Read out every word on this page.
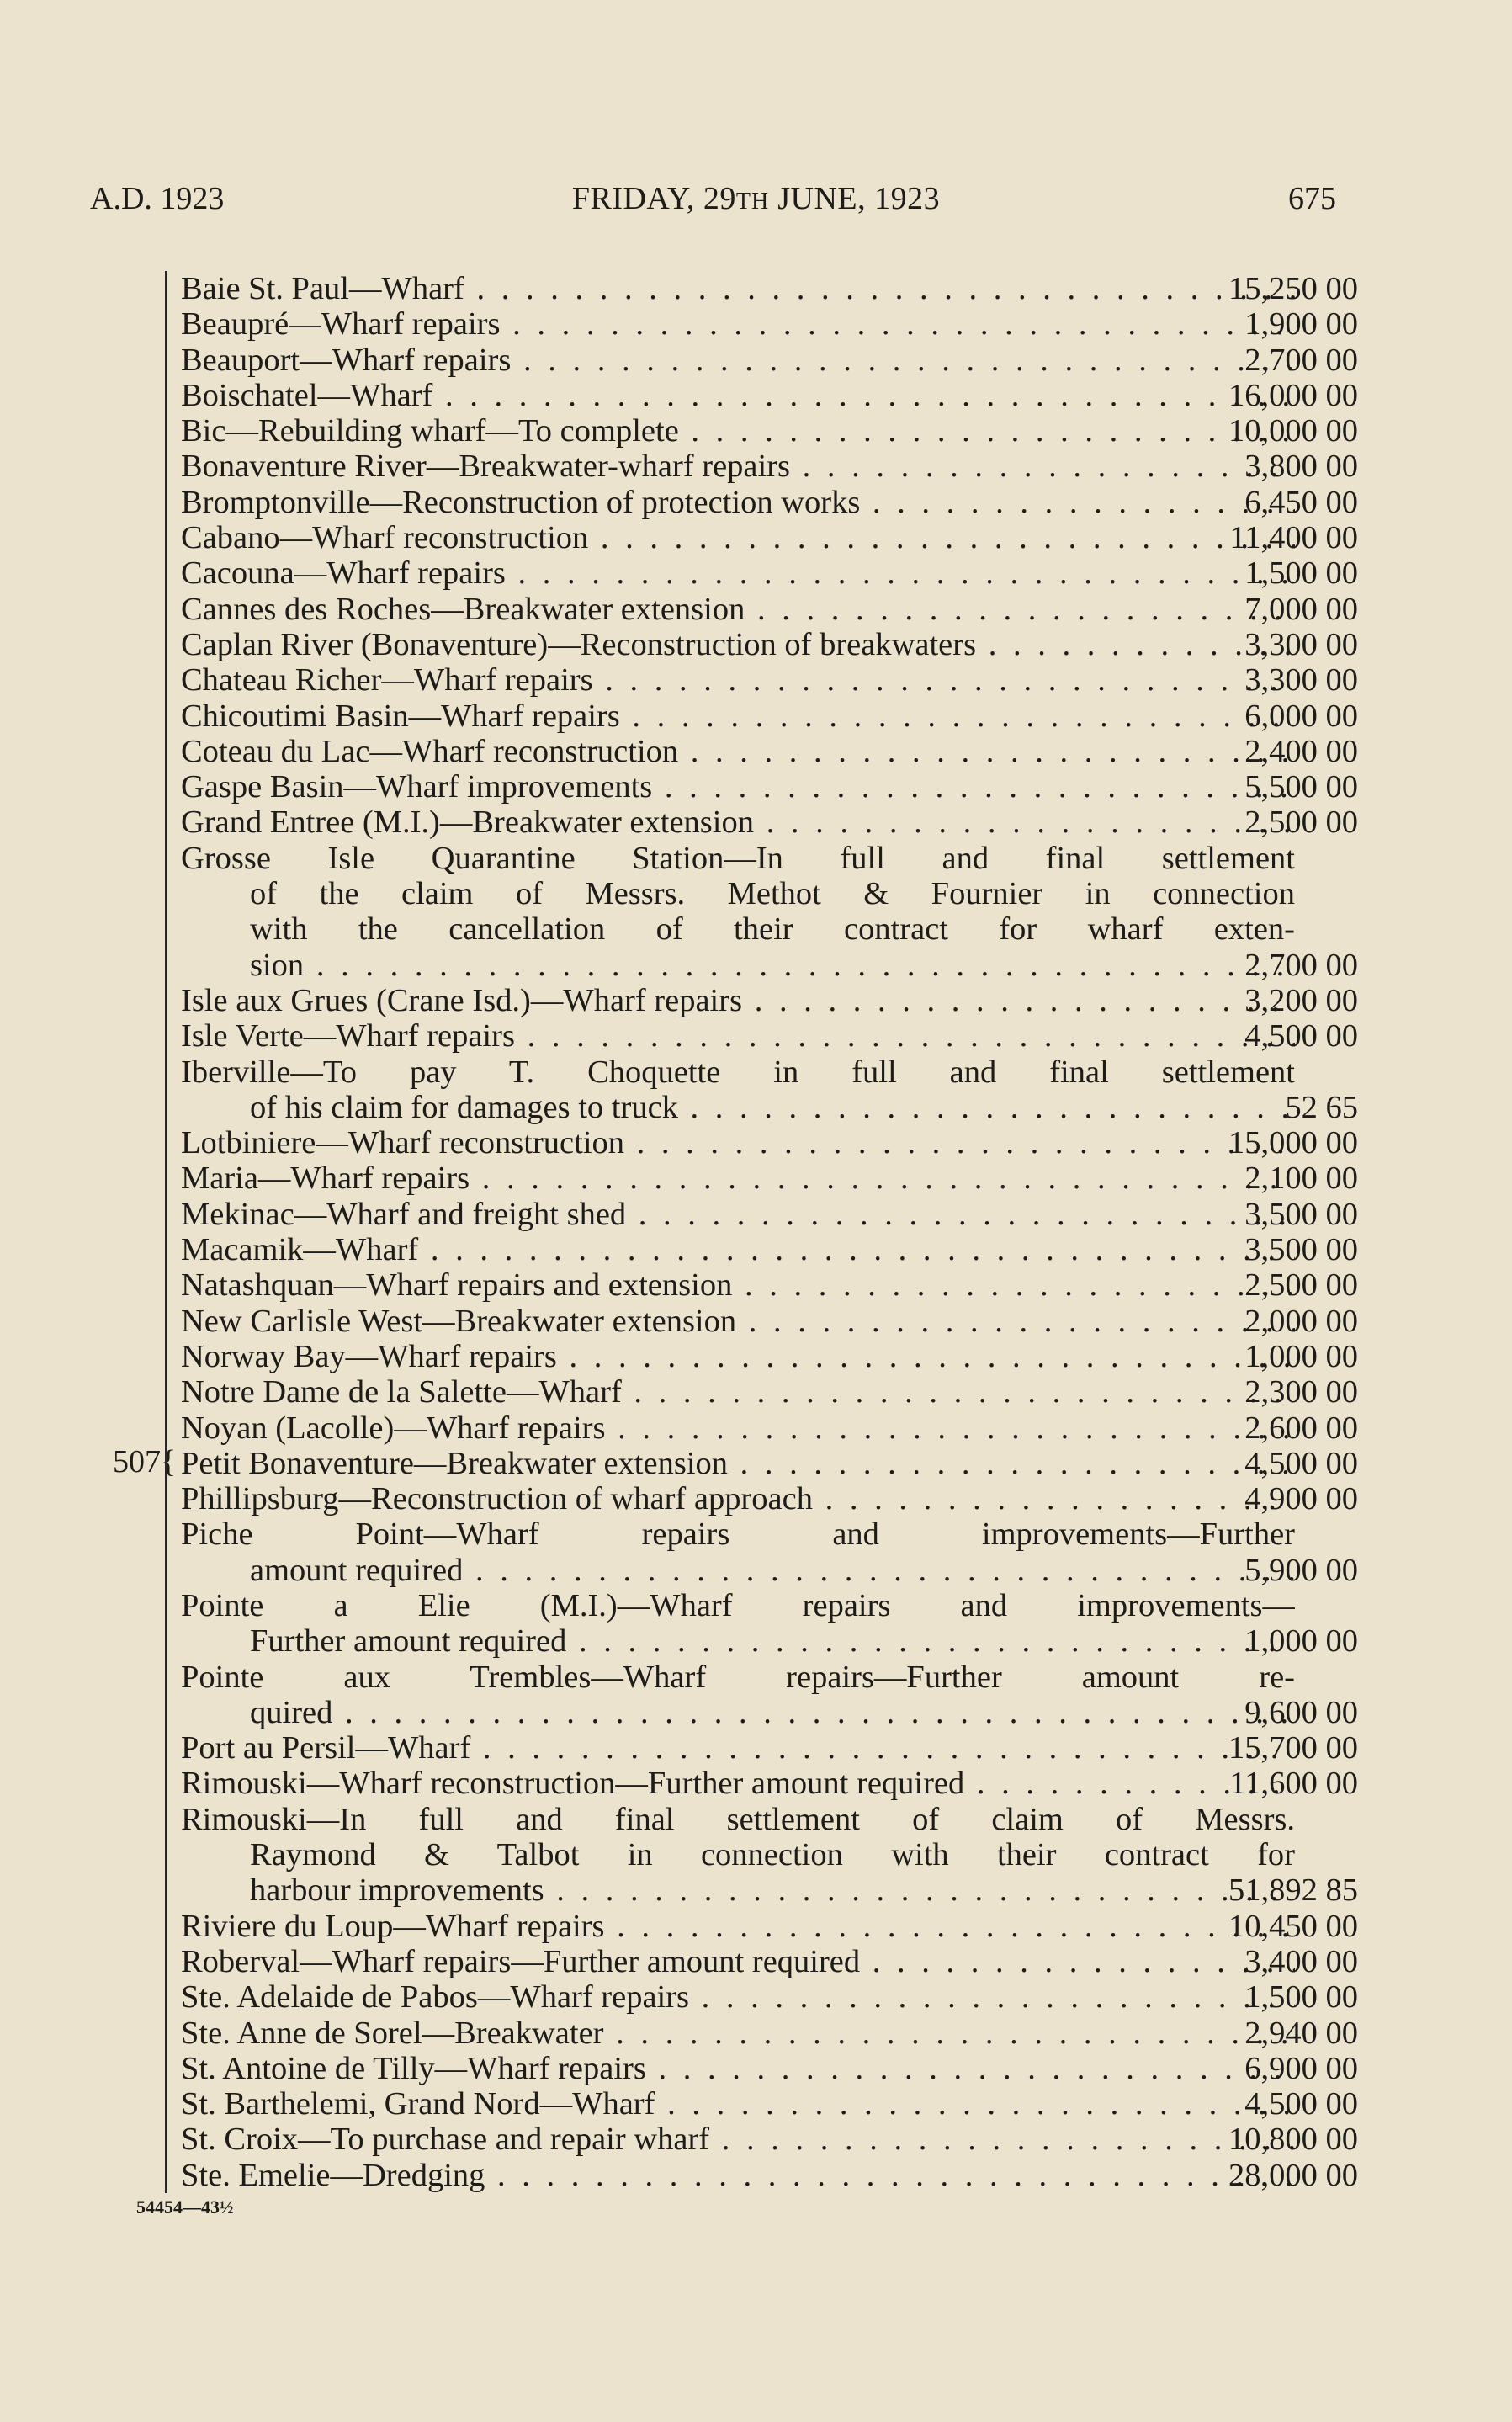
A.D. 1923	FRIDAY, 29TH JUNE, 1923	675
507{
Baie St. Paul—Wharf . . .	15,250 00
Beaupré—Wharf repairs . . .	1,900 00
Beauport—Wharf repairs . . .	2,700 00
Boischatel—Wharf . . .	16,000 00
Bic—Rebuilding wharf—To complete . . .	10,000 00
Bonaventure River—Breakwater-wharf repairs . . .	3,800 00
Bromptonville—Reconstruction of protection works . . .	6,450 00
Cabano—Wharf reconstruction . . .	11,400 00
Cacouna—Wharf repairs . . .	1,500 00
Cannes des Roches—Breakwater extension . . .	7,000 00
Caplan River (Bonaventure)—Reconstruction of breakwaters . . .	3,300 00
Chateau Richer—Wharf repairs . . .	3,300 00
Chicoutimi Basin—Wharf repairs . . .	6,000 00
Coteau du Lac—Wharf reconstruction . . .	2,400 00
Gaspe Basin—Wharf improvements . . .	5,500 00
Grand Entree (M.I.)—Breakwater extension . . .	2,500 00
Grosse Isle Quarantine Station—In full and final settlement
of the claim of Messrs. Methot & Fournier in connection
with the cancellation of their contract for wharf exten-
sion . . .	2,700 00
Isle aux Grues (Crane Isd.)—Wharf repairs . . .	3,200 00
Isle Verte—Wharf repairs . . .	4,500 00
Iberville—To pay T. Choquette in full and final settlement
of his claim for damages to truck . . .	52 65
Lotbiniere—Wharf reconstruction . . .	15,000 00
Maria—Wharf repairs . . .	2,100 00
Mekinac—Wharf and freight shed . . .	3,500 00
Macamik—Wharf . . .	3,500 00
Natashquan—Wharf repairs and extension . . .	2,500 00
New Carlisle West—Breakwater extension . . .	2,000 00
Norway Bay—Wharf repairs . . .	1,000 00
Notre Dame de la Salette—Wharf . . .	2,300 00
Noyan (Lacolle)—Wharf repairs . . .	2,600 00
Petit Bonaventure—Breakwater extension . . .	4,500 00
Phillipsburg—Reconstruction of wharf approach . . .	4,900 00
Piche Point—Wharf repairs and improvements—Further
amount required . . .	5,900 00
Pointe a Elie (M.I.)—Wharf repairs and improvements—
Further amount required . . .	1,000 00
Pointe aux Trembles—Wharf repairs—Further amount re-
quired . . .	9,600 00
Port au Persil—Wharf . . .	15,700 00
Rimouski—Wharf reconstruction—Further amount required . . .	11,600 00
Rimouski—In full and final settlement of claim of Messrs.
Raymond & Talbot in connection with their contract for
harbour improvements . . .	51,892 85
Riviere du Loup—Wharf repairs . . .	10,450 00
Roberval—Wharf repairs—Further amount required . . .	3,400 00
Ste. Adelaide de Pabos—Wharf repairs . . .	1,500 00
Ste. Anne de Sorel—Breakwater . . .	2,940 00
St. Antoine de Tilly—Wharf repairs . . .	6,900 00
St. Barthelemi, Grand Nord—Wharf . . .	4,500 00
St. Croix—To purchase and repair wharf . . .	10,800 00
Ste. Emelie—Dredging . . .	28,000 00
54454—43½
